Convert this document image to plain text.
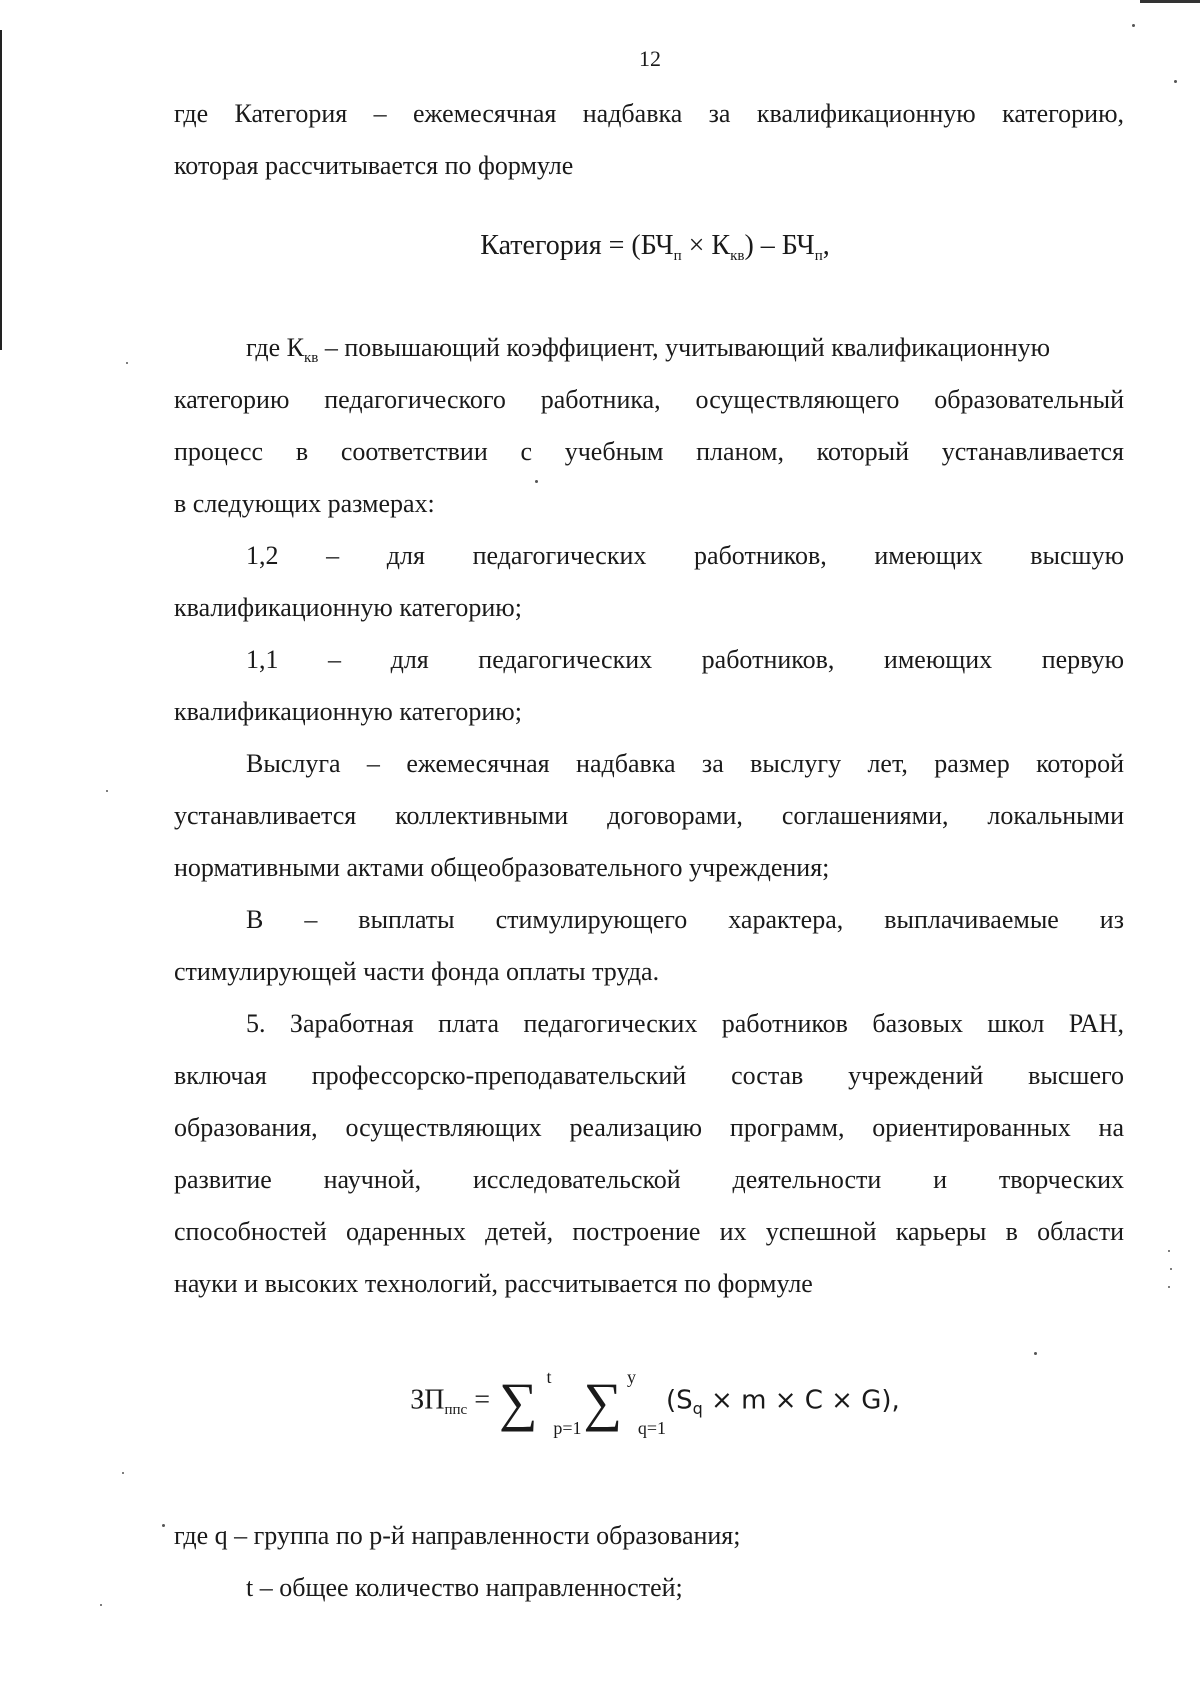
12
где Категория – ежемесячная надбавка за квалификационную категорию,
которая рассчитывается по формуле
Категория = $(БЧ_п \times К_{кв}) - БЧ_п$,
где $К_{кв}$ – повышающий коэффициент, учитывающий квалификационную
категорию педагогического работника, осуществляющего образовательный
процесс в соответствии с учебным планом, который устанавливается
в следующих размерах:
1,2 – для педагогических работников, имеющих высшую
квалификационную категорию;
1,1 – для педагогических работников, имеющих первую
квалификационную категорию;
Выслуга – ежемесячная надбавка за выслугу лет, размер которой
устанавливается коллективными договорами, соглашениями, локальными
нормативными актами общеобразовательного учреждения;
В – выплаты стимулирующего характера, выплачиваемые из
стимулирующей части фонда оплаты труда.
5. Заработная плата педагогических работников базовых школ РАН,
включая профессорско-преподавательский состав учреждений высшего
образования, осуществляющих реализацию программ, ориентированных на
развитие научной, исследовательской деятельности и творческих
способностей одаренных детей, построение их успешной карьеры в области
науки и высоких технологий, рассчитывается по формуле
$ЗП_{ппс}$ = ∑ t
p=1 ∑ y
q=1
$(S_q \times m \times C \times G)$,
где q – группа по р-й направленности образования;
t – общее количество направленностей;
